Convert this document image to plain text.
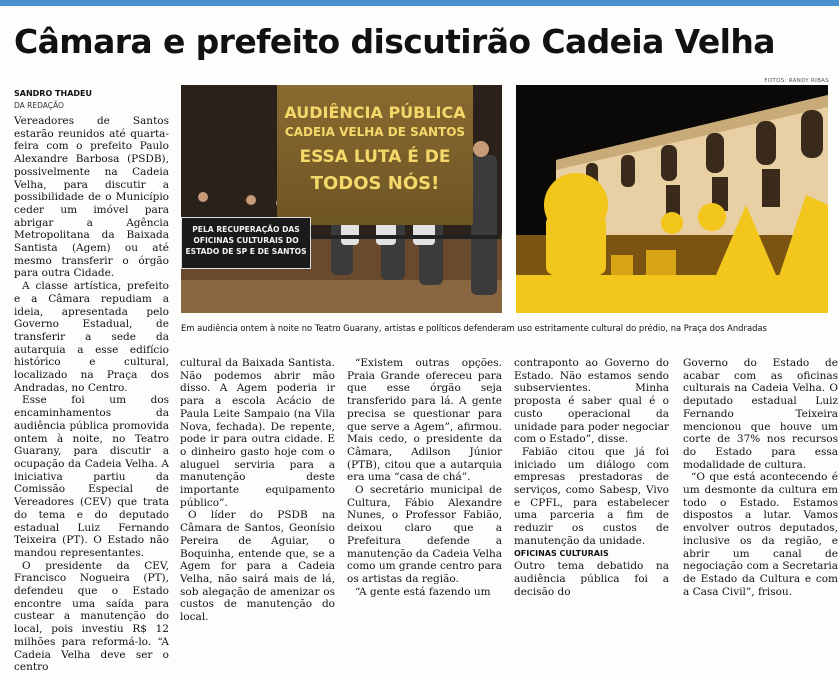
Câmara e prefeito discutirão Cadeia Velha
FOTOS: RANDY RIBAS
SANDRO THADEU
DA REDAÇÃO

Vereadores de Santos estarão reunidos até quarta-feira com o prefeito Paulo Alexandre Barbosa (PSDB), possivelmente na Cadeia Velha, para discutir a possibilidade de o Município ceder um imóvel para abrigar a Agência Metropolitana da Baixada Santista (Agem) ou até mesmo transferir o órgão para outra Cidade.

A classe artística, prefeito e a Câmara repudiam a ideia, apresentada pelo Governo Estadual, de transferir a sede da autarquia a esse edifício histórico e cultural, localizado na Praça dos Andradas, no Centro.

Esse foi um dos encaminhamentos da audiência pública promovida ontem à noite, no Teatro Guarany, para discutir a ocupação da Cadeia Velha. A iniciativa partiu da Comissão Especial de Vereadores (CEV) que trata do tema e do deputado estadual Luiz Fernando Teixeira (PT). O Estado não mandou representantes.

O presidente da CEV, Francisco Nogueira (PT), defendeu que o Estado encontre uma saída para custear a manutenção do local, pois investiu R$ 12 milhões para reformá-lo. “A Cadeia Velha deve ser o centro

AUDIÊNCIA PÚBLICA
CADEIA VELHA DE SANTOS
ESSA LUTA É DE
TODOS NÓS!
PELA RECUPERAÇÃO DAS
OFICINAS CULTURAIS DO
ESTADO DE SP E DE SANTOS
Em audiência ontem à noite no Teatro Guarany, artistas e políticos defenderam uso estritamente cultural do prédio, na Praça dos Andradas

cultural da Baixada Santista. Não podemos abrir mão disso. A Agem poderia ir para a escola Acácio de Paula Leite Sampaio (na Vila Nova, fechada). De repente, pode ir para outra cidade. E o dinheiro gasto hoje com o aluguel serviria para a manutenção deste importante equipamento público”.

O líder do PSDB na Câmara de Santos, Geonísio Pereira de Aguiar, o Boquinha, entende que, se a Agem for para a Cadeia Velha, não sairá mais de lá, sob alegação de amenizar os custos de manutenção do local.

“Existem outras opções. Praia Grande ofereceu para que esse órgão seja transferido para lá. A gente precisa se questionar para que serve a Agem”, afirmou. Mais cedo, o presidente da Câmara, Adilson Júnior (PTB), citou que a autarquia era uma “casa de chá”.

O secretário municipal de Cultura, Fábio Alexandre Nunes, o Professor Fabião, deixou claro que a Prefeitura defende a manutenção da Cadeia Velha como um grande centro para os artistas da região.

“A gente está fazendo um

contraponto ao Governo do Estado. Não estamos sendo subservientes. Minha proposta é saber qual é o custo operacional da unidade para poder negociar com o Estado”, disse.

Fabião citou que já foi iniciado um diálogo com empresas prestadoras de serviços, como Sabesp, Vivo e CPFL, para estabelecer uma parceria a fim de reduzir os custos de manutenção da unidade.

OFICINAS CULTURAIS

Outro tema debatido na audiência pública foi a decisão do

Governo do Estado de acabar com as oficinas culturais na Cadeia Velha. O deputado estadual Luiz Fernando Teixeira mencionou que houve um corte de 37% nos recursos do Estado para essa modalidade de cultura.

“O que está acontecendo é um desmonte da cultura em todo o Estado. Estamos dispostos a lutar. Vamos envolver outros deputados, inclusive os da região, e abrir um canal de negociação com a Secretaria de Estado da Cultura e com a Casa Civil”, frisou.
